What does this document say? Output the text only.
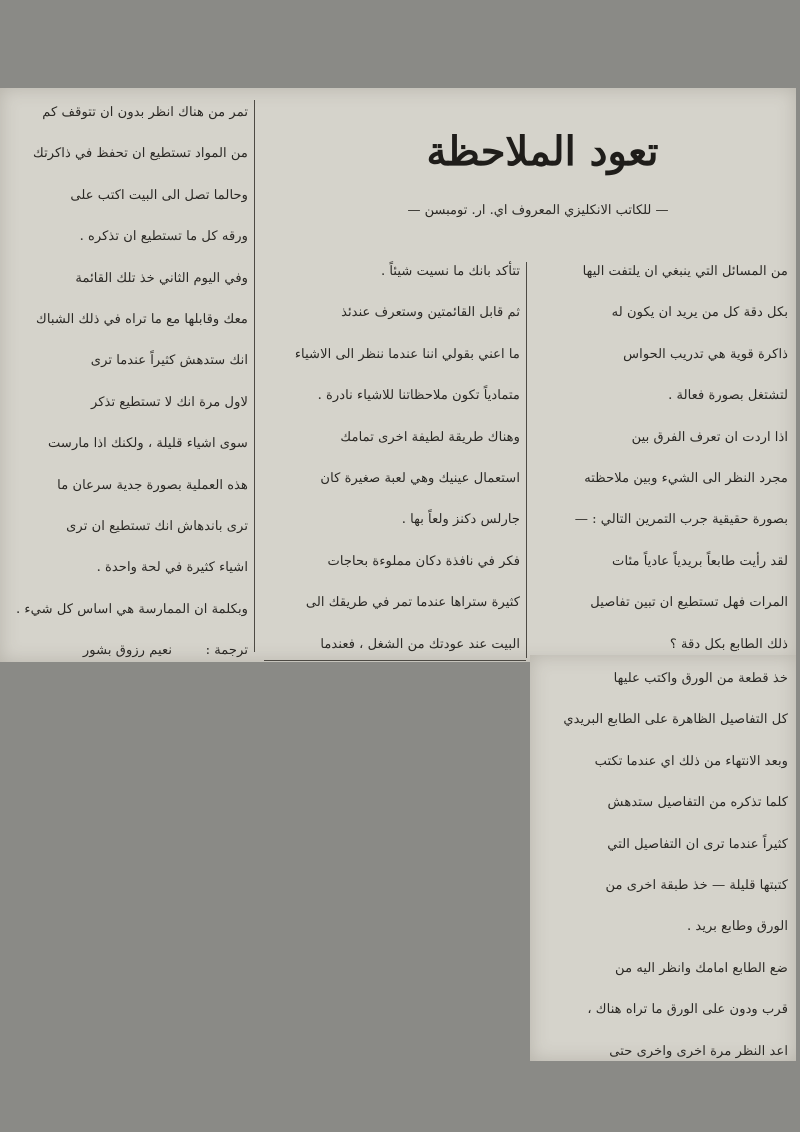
تعود الملاحظة
— للكاتب الانكليزي المعروف اي. ار. تومبسن —

من المسائل التي ينبغي ان يلتفت اليها

بكل دقة كل من يريد ان يكون له

ذاكرة قوية هي تدريب الحواس

لتشتغل بصورة فعالة .

اذا اردت ان تعرف الفرق بين

مجرد النظر الى الشيء وبين ملاحظته

بصورة حقيقية جرب التمرين التالي : —

لقد رأيت طابعاً بريدياً عادياً مئات

المرات فهل تستطيع ان تبين تفاصيل

ذلك الطابع بكل دقة ؟

تتأكد بانك ما نسيت شيئاً .

ثم قابل القائمتين وستعرف عندئذ

ما اعني بقولي اننا عندما ننظر الى الاشياء

متمادياً تكون ملاحظاتنا للاشياء نادرة .

وهناك طريقة لطيفة اخرى تمامك

استعمال عينيك وهي لعبة صغيرة كان

جارلس دكنز ولعاً بها .

فكر في نافذة دكان مملوءة بحاجات

كثيرة ستراها عندما تمر في طريقك الى

البيت عند عودتك من الشغل ، فعندما

تمر من هناك انظر بدون ان تتوقف كم

من المواد تستطيع ان تحفظ في ذاكرتك

وحالما تصل الى البيت اكتب على

ورقه كل ما تستطيع ان تذكره .

وفي اليوم الثاني خذ تلك القائمة

معك وقابلها مع ما تراه في ذلك الشباك

انك ستدهش كثيراً عندما ترى

لاول مرة انك لا تستطيع تذكر

سوى اشياء قليلة ، ولكنك اذا مارست

هذه العملية بصورة جدية سرعان ما

ترى باندهاش انك تستطيع ان ترى

اشياء كثيرة في لحة واحدة .

وبكلمة ان الممارسة هي اساس كل شيء .

ترجمة :        نعيم رزوق بشور

خذ قطعة من الورق واكتب عليها

كل التفاصيل الظاهرة على الطابع البريدي

وبعد الانتهاء من ذلك اي عندما تكتب

كلما تذكره من التفاصيل ستدهش

كثيراً عندما ترى ان التفاصيل التي

كتبتها قليلة — خذ طبقة اخرى من

الورق وطابع بريد .

ضع الطابع امامك وانظر اليه من

قرب ودون على الورق ما تراه هناك ،

اعد النظر مرة اخرى واخرى حتى
